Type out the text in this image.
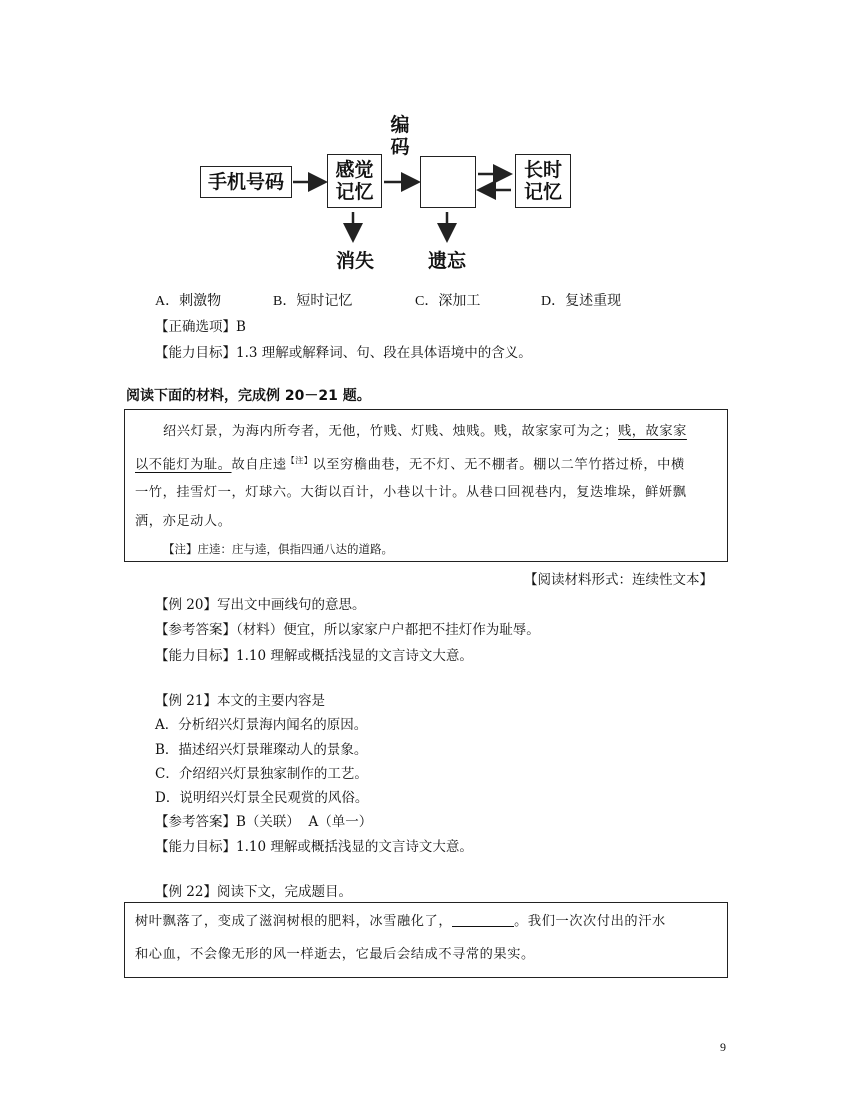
手机号码
感觉记忆
编码
长时记忆
消失	遗忘
A．刺激物	B．短时记忆	C．深加工	D．复述重现
【正确选项】B
【能力目标】1.3 理解或解释词、句、段在具体语境中的含义。
阅读下面的材料，完成例 20－21 题。
绍兴灯景，为海内所夸者，无他，竹贱、灯贱、烛贱。贱，故家家可为之；贱，故家家
以不能灯为耻。故自庄逵$^{【注】}$以至穷檐曲巷，无不灯、无不棚者。棚以二竿竹搭过桥，中横
一竹，挂雪灯一，灯球六。大街以百计，小巷以十计。从巷口回视巷内，复迭堆垛，鲜妍飘
洒，亦足动人。
【注】庄逵：庄与逵，俱指四通八达的道路。
【阅读材料形式：连续性文本】
【例 20】写出文中画线句的意思。
【参考答案】（材料）便宜，所以家家户户都把不挂灯作为耻辱。
【能力目标】1.10 理解或概括浅显的文言诗文大意。
【例 21】本文的主要内容是
A．分析绍兴灯景海内闻名的原因。
B．描述绍兴灯景璀璨动人的景象。
C．介绍绍兴灯景独家制作的工艺。
D．说明绍兴灯景全民观赏的风俗。
【参考答案】B（关联）  A（单一）
【能力目标】1.10 理解或概括浅显的文言诗文大意。
【例 22】阅读下文，完成题目。
树叶飘落了，变成了滋润树根的肥料，冰雪融化了，	。我们一次次付出的汗水
和心血，不会像无形的风一样逝去，它最后会结成不寻常的果实。
9
